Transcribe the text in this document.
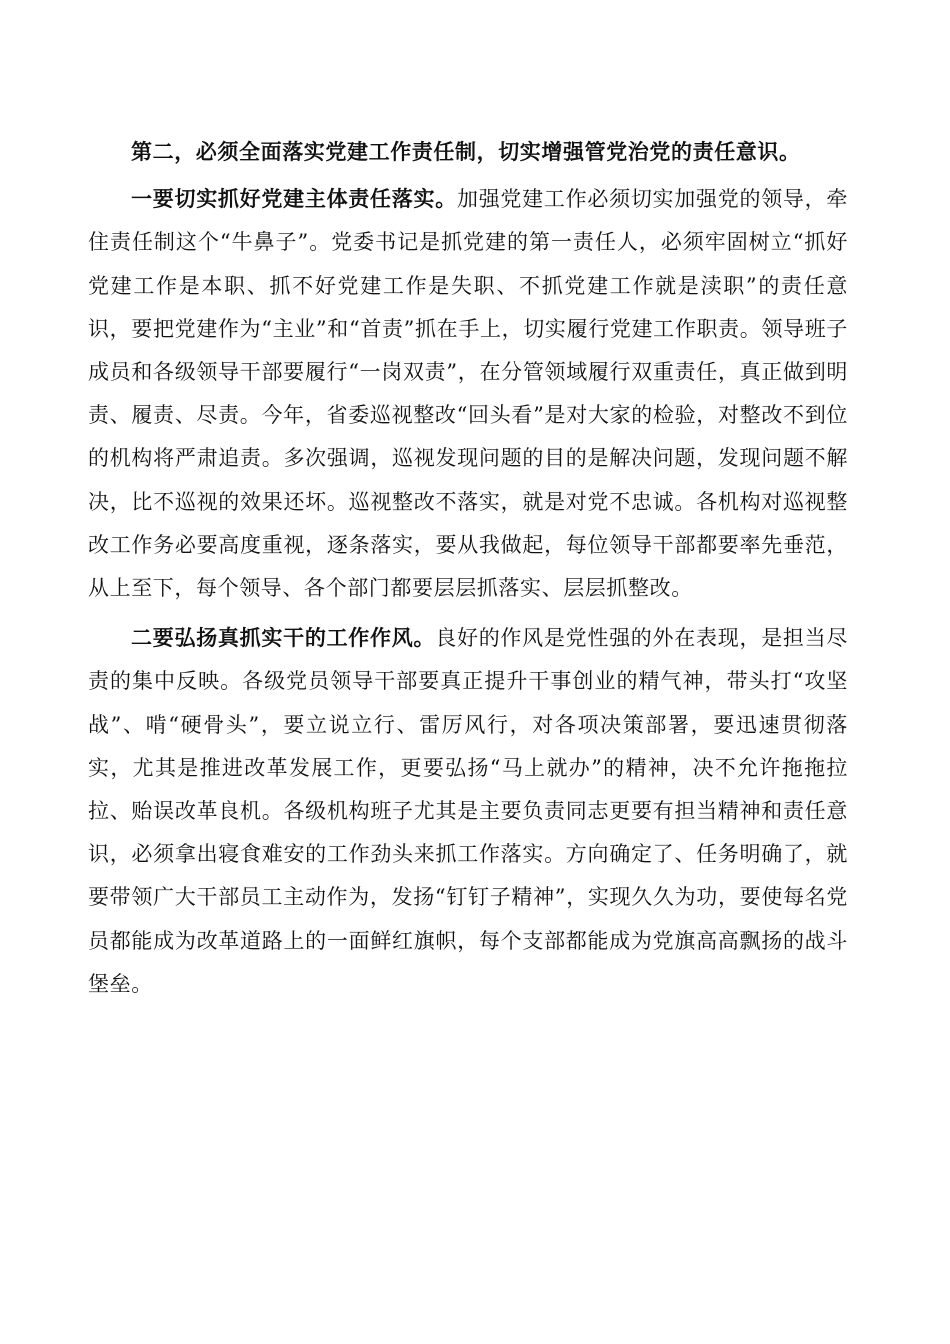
第二，必须全面落实党建工作责任制，切实增强管党治党的责任意识。

一要切实抓好党建主体责任落实。加强党建工作必须切实加强党的领导，牵住责任制这个“牛鼻子”。党委书记是抓党建的第一责任人，必须牢固树立“抓好党建工作是本职、抓不好党建工作是失职、不抓党建工作就是渎职”的责任意识，要把党建作为“主业”和“首责”抓在手上，切实履行党建工作职责。领导班子成员和各级领导干部要履行“一岗双责”，在分管领域履行双重责任，真正做到明责、履责、尽责。今年，省委巡视整改“回头看”是对大家的检验，对整改不到位的机构将严肃追责。多次强调，巡视发现问题的目的是解决问题，发现问题不解决，比不巡视的效果还坏。巡视整改不落实，就是对党不忠诚。各机构对巡视整改工作务必要高度重视，逐条落实，要从我做起，每位领导干部都要率先垂范，从上至下，每个领导、各个部门都要层层抓落实、层层抓整改。

二要弘扬真抓实干的工作作风。良好的作风是党性强的外在表现，是担当尽责的集中反映。各级党员领导干部要真正提升干事创业的精气神，带头打“攻坚战”、啃“硬骨头”，要立说立行、雷厉风行，对各项决策部署，要迅速贯彻落实，尤其是推进改革发展工作，更要弘扬“马上就办”的精神，决不允许拖拖拉拉、贻误改革良机。各级机构班子尤其是主要负责同志更要有担当精神和责任意识，必须拿出寝食难安的工作劲头来抓工作落实。方向确定了、任务明确了，就要带领广大干部员工主动作为，发扬“钉钉子精神”，实现久久为功，要使每名党员都能成为改革道路上的一面鲜红旗帜，每个支部都能成为党旗高高飘扬的战斗堡垒。
